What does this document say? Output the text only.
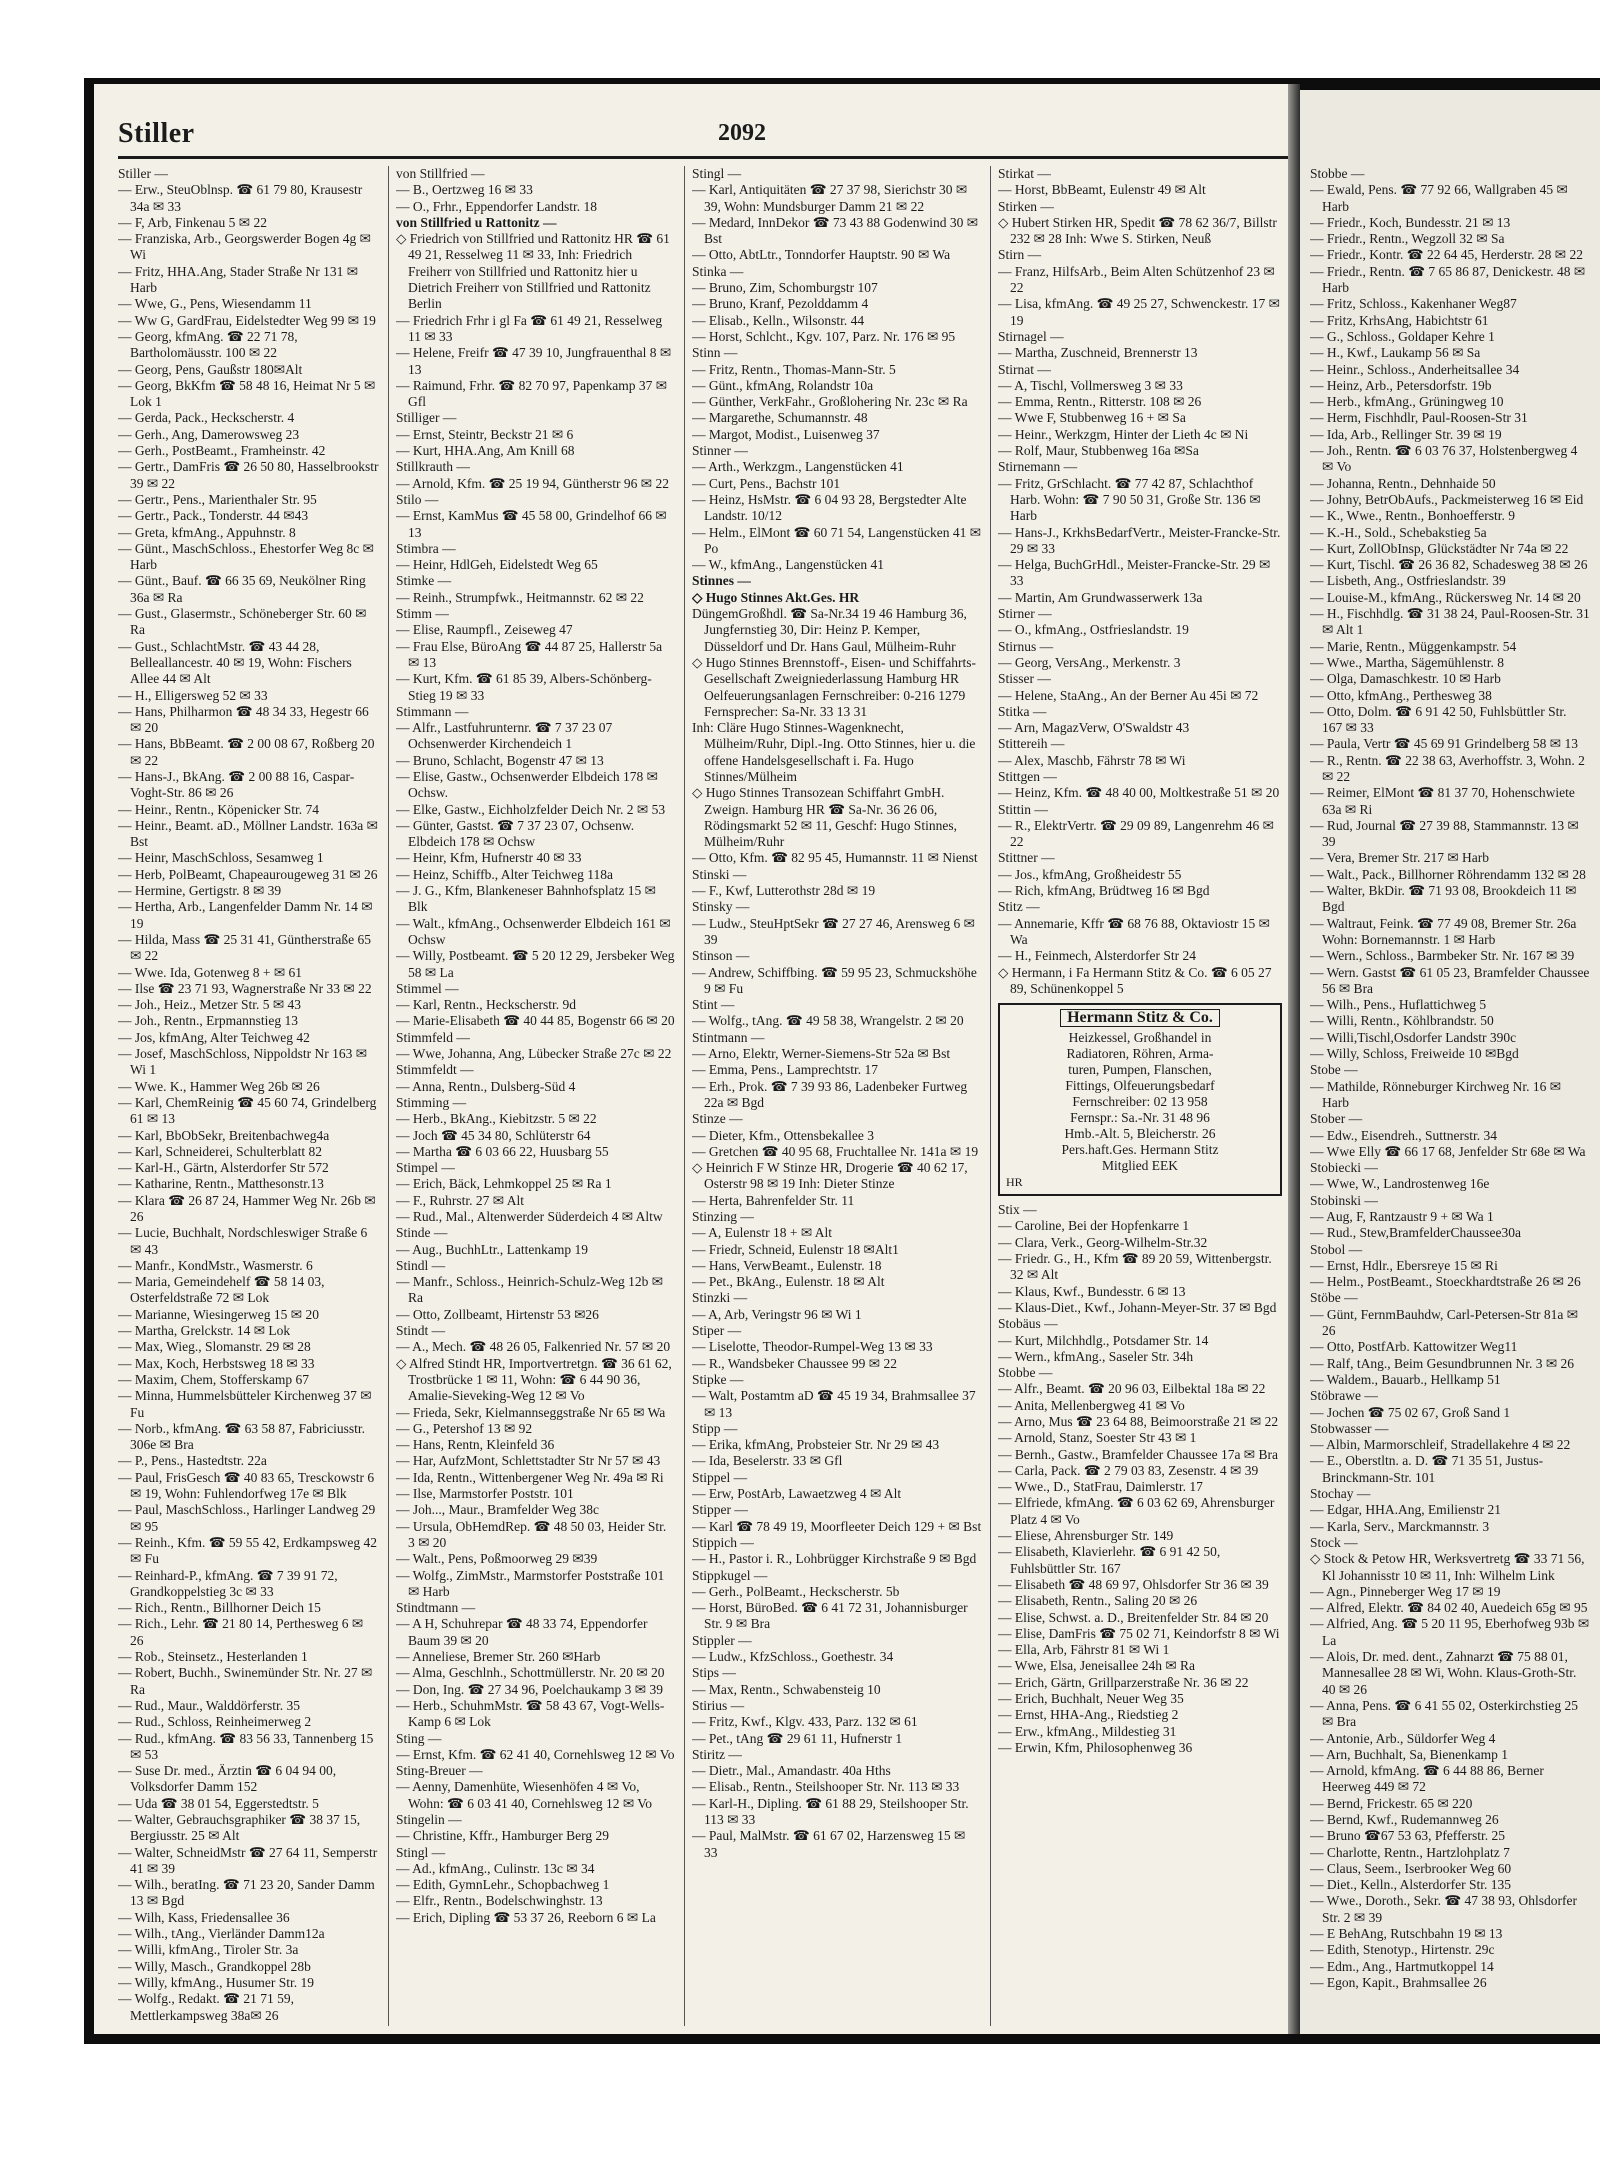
Stiller	2092

Stiller —

— Erw., SteuOblnsp. ☎ 61 79 80, Krausestr 34a ✉ 33

— F, Arb, Finkenau 5 ✉ 22

— Franziska, Arb., Georgswerder Bogen 4g ✉ Wi

— Fritz, HHA.Ang, Stader Straße Nr 131 ✉ Harb

— Wwe, G., Pens, Wiesendamm 11

— Ww G, GardFrau, Eidelstedter Weg 99 ✉ 19

— Georg, kfmAng. ☎ 22 71 78, Bartholomäusstr. 100 ✉ 22

— Georg, Pens, Gaußstr 180✉Alt

— Georg, BkKfm ☎ 58 48 16, Heimat Nr 5 ✉ Lok 1

— Gerda, Pack., Heckscherstr. 4

— Gerh., Ang, Damerowsweg 23

— Gerh., PostBeamt., Framheinstr. 42

— Gertr., DamFris ☎ 26 50 80, Hasselbrookstr 39 ✉ 22

— Gertr., Pens., Marienthaler Str. 95

— Gertr., Pack., Tonderstr. 44 ✉43

— Greta, kfmAng., Appuhnstr. 8

— Günt., MaschSchloss., Ehestorfer Weg 8c ✉ Harb

— Günt., Bauf. ☎ 66 35 69, Neukölner Ring 36a ✉ Ra

— Gust., Glasermstr., Schöneberger Str. 60 ✉ Ra

— Gust., SchlachtMstr. ☎ 43 44 28, Belleallancestr. 40 ✉ 19, Wohn: Fischers Allee 44 ✉ Alt

— H., Elligersweg 52 ✉ 33

— Hans, Philharmon ☎ 48 34 33, Hegestr 66 ✉ 20

— Hans, BbBeamt. ☎ 2 00 08 67, Roßberg 20 ✉ 22

— Hans-J., BkAng. ☎ 2 00 88 16, Caspar-Voght-Str. 86 ✉ 26

— Heinr., Rentn., Köpenicker Str. 74

— Heinr., Beamt. aD., Möllner Landstr. 163a ✉ Bst

— Heinr, MaschSchloss, Sesamweg 1

— Herb, PolBeamt, Chapeaurougeweg 31 ✉ 26

— Hermine, Gertigstr. 8 ✉ 39

— Hertha, Arb., Langenfelder Damm Nr. 14 ✉ 19

— Hilda, Mass ☎ 25 31 41, Güntherstraße 65 ✉ 22

— Wwe. Ida, Gotenweg 8 + ✉ 61

— Ilse ☎ 23 71 93, Wagnerstraße Nr 33 ✉ 22

— Joh., Heiz., Metzer Str. 5 ✉ 43

— Joh., Rentn., Erpmannstieg 13

— Jos, kfmAng, Alter Teichweg 42

— Josef, MaschSchloss, Nippoldstr Nr 163 ✉ Wi 1

— Wwe. K., Hammer Weg 26b ✉ 26

— Karl, ChemReinig ☎ 45 60 74, Grindelberg 61 ✉ 13

— Karl, BbObSekr, Breitenbachweg4a

— Karl, Schneiderei, Schulterblatt 82

— Karl-H., Gärtn, Alsterdorfer Str 572

— Katharine, Rentn., Matthesonstr.13

— Klara ☎ 26 87 24, Hammer Weg Nr. 26b ✉ 26

— Lucie, Buchhalt, Nordschleswiger Straße 6 ✉ 43

— Manfr., KondMstr., Wasmerstr. 6

— Maria, Gemeindehelf ☎ 58 14 03, Osterfeldstraße 72 ✉ Lok

— Marianne, Wiesingerweg 15 ✉ 20

— Martha, Grelckstr. 14 ✉ Lok

— Max, Wieg., Slomanstr. 29 ✉ 28

— Max, Koch, Herbstsweg 18 ✉ 33

— Maxim, Chem, Stofferskamp 67

— Minna, Hummelsbütteler Kirchenweg 37 ✉ Fu

— Norb., kfmAng. ☎ 63 58 87, Fabriciusstr. 306e ✉ Bra

— P., Pens., Hastedtstr. 22a

— Paul, FrisGesch ☎ 40 83 65, Tresckowstr 6 ✉ 19, Wohn: Fuhlendorfweg 17e ✉ Blk

— Paul, MaschSchloss., Harlinger Landweg 29 ✉ 95

— Reinh., Kfm. ☎ 59 55 42, Erdkampsweg 42 ✉ Fu

— Reinhard-P., kfmAng. ☎ 7 39 91 72, Grandkoppelstieg 3c ✉ 33

— Rich., Rentn., Billhorner Deich 15

— Rich., Lehr. ☎ 21 80 14, Perthesweg 6 ✉ 26

— Rob., Steinsetz., Hesterlanden 1

— Robert, Buchh., Swinemünder Str. Nr. 27 ✉ Ra

— Rud., Maur., Walddörferstr. 35

— Rud., Schloss, Reinheimerweg 2

— Rud., kfmAng. ☎ 83 56 33, Tannenberg 15 ✉ 53

— Suse Dr. med., Ärztin ☎ 6 04 94 00, Volksdorfer Damm 152

— Uda ☎ 38 01 54, Eggerstedtstr. 5

— Walter, Gebrauchsgraphiker ☎ 38 37 15, Bergiusstr. 25 ✉ Alt

— Walter, SchneidMstr ☎ 27 64 11, Semperstr 41 ✉ 39

— Wilh., beratIng. ☎ 71 23 20, Sander Damm 13 ✉ Bgd

— Wilh, Kass, Friedensallee 36

— Wilh., tAng., Vierländer Damm12a

— Willi, kfmAng., Tiroler Str. 3a

— Willy, Masch., Grandkoppel 28b

— Willy, kfmAng., Husumer Str. 19

— Wolfg., Redakt. ☎ 21 71 59, Mettlerkampsweg 38a✉ 26

von Stillfried —

— B., Oertzweg 16 ✉ 33

— O., Frhr., Eppendorfer Landstr. 18

von Stillfried u Rattonitz —

◇ Friedrich von Stillfried und Rattonitz HR ☎ 61 49 21, Resselweg 11 ✉ 33, Inh: Friedrich Freiherr von Stillfried und Rattonitz hier u Dietrich Freiherr von Stillfried und Rattonitz Berlin

— Friedrich Frhr i gl Fa ☎ 61 49 21, Resselweg 11 ✉ 33

— Helene, Freifr ☎ 47 39 10, Jungfrauenthal 8 ✉ 13

— Raimund, Frhr. ☎ 82 70 97, Papenkamp 37 ✉ Gfl

Stilliger —

— Ernst, Steintr, Beckstr 21 ✉ 6

— Kurt, HHA.Ang, Am Knill 68

Stillkrauth —

— Arnold, Kfm. ☎ 25 19 94, Güntherstr 96 ✉ 22

Stilo —

— Ernst, KamMus ☎ 45 58 00, Grindelhof 66 ✉ 13

Stimbra —

— Heinr, HdlGeh, Eidelstedt Weg 65

Stimke —

— Reinh., Strumpfwk., Heitmannstr. 62 ✉ 22

Stimm —

— Elise, Raumpfl., Zeiseweg 47

— Frau Else, BüroAng ☎ 44 87 25, Hallerstr 5a ✉ 13

— Kurt, Kfm. ☎ 61 85 39, Albers-Schönberg-Stieg 19 ✉ 33

Stimmann —

— Alfr., Lastfuhrunternr. ☎ 7 37 23 07 Ochsenwerder Kirchendeich 1

— Bruno, Schlacht, Bogenstr 47 ✉ 13

— Elise, Gastw., Ochsenwerder Elbdeich 178 ✉ Ochsw.

— Elke, Gastw., Eichholzfelder Deich Nr. 2 ✉ 53

— Günter, Gastst. ☎ 7 37 23 07, Ochsenw. Elbdeich 178 ✉ Ochsw

— Heinr, Kfm, Hufnerstr 40 ✉ 33

— Heinz, Schiffb., Alter Teichweg 118a

— J. G., Kfm, Blankeneser Bahnhofsplatz 15 ✉ Blk

— Walt., kfmAng., Ochsenwerder Elbdeich 161 ✉ Ochsw

— Willy, Postbeamt. ☎ 5 20 12 29, Jersbeker Weg 58 ✉ La

Stimmel —

— Karl, Rentn., Heckscherstr. 9d

— Marie-Elisabeth ☎ 40 44 85, Bogenstr 66 ✉ 20

Stimmfeld —

— Wwe, Johanna, Ang, Lübecker Straße 27c ✉ 22

Stimmfeldt —

— Anna, Rentn., Dulsberg-Süd 4

Stimming —

— Herb., BkAng., Kiebitzstr. 5 ✉ 22

— Joch ☎ 45 34 80, Schlüterstr 64

— Martha ☎ 6 03 66 22, Huusbarg 55

Stimpel —

— Erich, Bäck, Lehmkoppel 25 ✉ Ra 1

— F., Ruhrstr. 27 ✉ Alt

— Rud., Mal., Altenwerder Süderdeich 4 ✉ Altw

Stinde —

— Aug., BuchhLtr., Lattenkamp 19

Stindl —

— Manfr., Schloss., Heinrich-Schulz-Weg 12b ✉ Ra

— Otto, Zollbeamt, Hirtenstr 53 ✉26

Stindt —

— A., Mech. ☎ 48 26 05, Falkenried Nr. 57 ✉ 20

◇ Alfred Stindt HR, Importvertretgn. ☎ 36 61 62, Trostbrücke 1 ✉ 11, Wohn: ☎ 6 44 90 36, Amalie-Sieveking-Weg 12 ✉ Vo

— Frieda, Sekr, Kielmannseggstraße Nr 65 ✉ Wa

— G., Petershof 13 ✉ 92

— Hans, Rentn, Kleinfeld 36

— Har, AufzMont, Schlettstadter Str Nr 57 ✉ 43

— Ida, Rentn., Wittenbergener Weg Nr. 49a ✉ Ri

— Ilse, Marmstorfer Poststr. 101

— Joh..., Maur., Bramfelder Weg 38c

— Ursula, ObHemdRep. ☎ 48 50 03, Heider Str. 3 ✉ 20

— Walt., Pens, Poßmoorweg 29 ✉39

— Wolfg., ZimMstr., Marmstorfer Poststraße 101 ✉ Harb

Stindtmann —

— A H, Schuhrepar ☎ 48 33 74, Eppendorfer Baum 39 ✉ 20

— Anneliese, Bremer Str. 260 ✉Harb

— Alma, Geschlnh., Schottmüllerstr. Nr. 20 ✉ 20

— Don, Ing. ☎ 27 34 96, Poelchaukamp 3 ✉ 39

— Herb., SchuhmMstr. ☎ 58 43 67, Vogt-Wells-Kamp 6 ✉ Lok

Sting —

— Ernst, Kfm. ☎ 62 41 40, Cornehlsweg 12 ✉ Vo

Sting-Breuer —

— Aenny, Damenhüte, Wiesenhöfen 4 ✉ Vo, Wohn: ☎ 6 03 41 40, Cornehlsweg 12 ✉ Vo

Stingelin —

— Christine, Kffr., Hamburger Berg 29

Stingl —

— Ad., kfmAng., Culinstr. 13c ✉ 34

— Edith, GymnLehr., Schopbachweg 1

— Elfr., Rentn., Bodelschwinghstr. 13

— Erich, Dipling ☎ 53 37 26, Reeborn 6 ✉ La

Stingl —

— Karl, Antiquitäten ☎ 27 37 98, Sierichstr 30 ✉ 39, Wohn: Mundsburger Damm 21 ✉ 22

— Medard, InnDekor ☎ 73 43 88 Godenwind 30 ✉ Bst

— Otto, AbtLtr., Tonndorfer Hauptstr. 90 ✉ Wa

Stinka —

— Bruno, Zim, Schomburgstr 107

— Bruno, Kranf, Pezolddamm 4

— Elisab., Kelln., Wilsonstr. 44

— Horst, Schlcht., Kgv. 107, Parz. Nr. 176 ✉ 95

Stinn —

— Fritz, Rentn., Thomas-Mann-Str. 5

— Günt., kfmAng, Rolandstr 10a

— Günther, VerkFahr., Großlohering Nr. 23c ✉ Ra

— Margarethe, Schumannstr. 48

— Margot, Modist., Luisenweg 37

Stinner —

— Arth., Werkzgm., Langenstücken 41

— Curt, Pens., Bachstr 101

— Heinz, HsMstr. ☎ 6 04 93 28, Bergstedter Alte Landstr. 10/12

— Helm., ElMont ☎ 60 71 54, Langenstücken 41 ✉ Po

— W., kfmAng., Langenstücken 41

Stinnes —

◇ Hugo Stinnes Akt.Ges. HR

DüngemGroßhdl. ☎ Sa-Nr.34 19 46 Hamburg 36, Jungfernstieg 30, Dir: Heinz P. Kemper, Düsseldorf und Dr. Hans Gaul, Mülheim-Ruhr

◇ Hugo Stinnes Brennstoff-, Eisen- und Schiffahrts-Gesellschaft Zweigniederlassung Hamburg HR Oelfeuerungsanlagen Fernschreiber: 0-216 1279 Fernsprecher: Sa-Nr. 33 13 31

Inh: Cläre Hugo Stinnes-Wagenknecht, Mülheim/Ruhr, Dipl.-Ing. Otto Stinnes, hier u. die offene Handelsgesellschaft i. Fa. Hugo Stinnes/Mülheim

◇ Hugo Stinnes Transozean Schiffahrt GmbH. Zweign. Hamburg HR ☎ Sa-Nr. 36 26 06, Rödingsmarkt 52 ✉ 11, Geschf: Hugo Stinnes, Mülheim/Ruhr

— Otto, Kfm. ☎ 82 95 45, Humannstr. 11 ✉ Nienst

Stinski —

— F., Kwf, Lutterothstr 28d ✉ 19

Stinsky —

— Ludw., SteuHptSekr ☎ 27 27 46, Arensweg 6 ✉ 39

Stinson —

— Andrew, Schiffbing. ☎ 59 95 23, Schmuckshöhe 9 ✉ Fu

Stint —

— Wolfg., tAng. ☎ 49 58 38, Wrangelstr. 2 ✉ 20

Stintmann —

— Arno, Elektr, Werner-Siemens-Str 52a ✉ Bst

— Emma, Pens., Lamprechtstr. 17

— Erh., Prok. ☎ 7 39 93 86, Ladenbeker Furtweg 22a ✉ Bgd

Stinze —

— Dieter, Kfm., Ottensbekallee 3

— Gretchen ☎ 40 95 68, Fruchtallee Nr. 141a ✉ 19

◇ Heinrich F W Stinze HR, Drogerie ☎ 40 62 17, Osterstr 98 ✉ 19 Inh: Dieter Stinze

— Herta, Bahrenfelder Str. 11

Stinzing —

— A, Eulenstr 18 + ✉ Alt

— Friedr, Schneid, Eulenstr 18 ✉Alt1

— Hans, VerwBeamt., Eulenstr. 18

— Pet., BkAng., Eulenstr. 18 ✉ Alt

Stinzki —

— A, Arb, Veringstr 96 ✉ Wi 1

Stiper —

— Liselotte, Theodor-Rumpel-Weg 13 ✉ 33

— R., Wandsbeker Chaussee 99 ✉ 22

Stipke —

— Walt, Postamtm aD ☎ 45 19 34, Brahmsallee 37 ✉ 13

Stipp —

— Erika, kfmAng, Probsteier Str. Nr 29 ✉ 43

— Ida, Beselerstr. 33 ✉ Gfl

Stippel —

— Erw, PostArb, Lawaetzweg 4 ✉ Alt

Stipper —

— Karl ☎ 78 49 19, Moorfleeter Deich 129 + ✉ Bst

Stippich —

— H., Pastor i. R., Lohbrügger Kirchstraße 9 ✉ Bgd

Stippkugel —

— Gerh., PolBeamt., Heckscherstr. 5b

— Horst, BüroBed. ☎ 6 41 72 31, Johannisburger Str. 9 ✉ Bra

Stippler —

— Ludw., KfzSchloss., Goethestr. 34

Stips —

— Max, Rentn., Schwabensteig 10

Stirius —

— Fritz, Kwf., Klgv. 433, Parz. 132 ✉ 61

— Pet., tAng ☎ 29 61 11, Hufnerstr 1

Stiritz —

— Dietr., Mal., Amandastr. 40a Hths

— Elisab., Rentn., Steilshooper Str. Nr. 113 ✉ 33

— Karl-H., Dipling. ☎ 61 88 29, Steilshooper Str. 113 ✉ 33

— Paul, MalMstr. ☎ 61 67 02, Harzensweg 15 ✉ 33

Stirkat —

— Horst, BbBeamt, Eulenstr 49 ✉ Alt

Stirken —

◇ Hubert Stirken HR, Spedit ☎ 78 62 36/7, Billstr 232 ✉ 28 Inh: Wwe S. Stirken, Neuß

Stirn —

— Franz, HilfsArb., Beim Alten Schützenhof 23 ✉ 22

— Lisa, kfmAng. ☎ 49 25 27, Schwenckestr. 17 ✉ 19

Stirnagel —

— Martha, Zuschneid, Brennerstr 13

Stirnat —

— A, Tischl, Vollmersweg 3 ✉ 33

— Emma, Rentn., Ritterstr. 108 ✉ 26

— Wwe F, Stubbenweg 16 + ✉ Sa

— Heinr., Werkzgm, Hinter der Lieth 4c ✉ Ni

— Rolf, Maur, Stubbenweg 16a ✉Sa

Stirnemann —

— Fritz, GrSchlacht. ☎ 77 42 87, Schlachthof Harb. Wohn: ☎ 7 90 50 31, Große Str. 136 ✉ Harb

— Hans-J., KrkhsBedarfVertr., Meister-Francke-Str. 29 ✉ 33

— Helga, BuchGrHdl., Meister-Francke-Str. 29 ✉ 33

— Martin, Am Grundwasserwerk 13a

Stirner —

— O., kfmAng., Ostfrieslandstr. 19

Stirnus —

— Georg, VersAng., Merkenstr. 3

Stisser —

— Helene, StaAng., An der Berner Au 45i ✉ 72

Stitka —

— Arn, MagazVerw, O'Swaldstr 43

Stittereih —

— Alex, Maschb, Fährstr 78 ✉ Wi

Stittgen —

— Heinz, Kfm. ☎ 48 40 00, Moltkestraße 51 ✉ 20

Stittin —

— R., ElektrVertr. ☎ 29 09 89, Langenrehm 46 ✉ 22

Stittner —

— Jos., kfmAng, Großheidestr 55

— Rich, kfmAng, Brüdtweg 16 ✉ Bgd

Stitz —

— Annemarie, Kffr ☎ 68 76 88, Oktaviostr 15 ✉ Wa

— H., Feinmech, Alsterdorfer Str 24

◇ Hermann, i Fa Hermann Stitz & Co. ☎ 6 05 27 89, Schünenkoppel 5

Hermann Stitz & Co.
Heizkessel, Großhandel in
Radiatoren, Röhren, Arma-
turen, Pumpen, Flanschen,
Fittings, Olfeuerungsbedarf
Fernschreiber: 02 13 958
Fernspr.: Sa.-Nr. 31 48 96
Hmb.-Alt. 5, Bleicherstr. 26
Pers.haft.Ges. Hermann Stitz
Mitglied EEK
HR

Stix —

— Caroline, Bei der Hopfenkarre 1

— Clara, Verk., Georg-Wilhelm-Str.32

— Friedr. G., H., Kfm ☎ 89 20 59, Wittenbergstr. 32 ✉ Alt

— Klaus, Kwf., Bundesstr. 6 ✉ 13

— Klaus-Diet., Kwf., Johann-Meyer-Str. 37 ✉ Bgd

Stobäus —

— Kurt, Milchhdlg., Potsdamer Str. 14

— Wern., kfmAng., Saseler Str. 34h

Stobbe —

— Alfr., Beamt. ☎ 20 96 03, Eilbektal 18a ✉ 22

— Anita, Mellenbergweg 41 ✉ Vo

— Arno, Mus ☎ 23 64 88, Beimoorstraße 21 ✉ 22

— Arnold, Stanz, Soester Str 43 ✉ 1

— Bernh., Gastw., Bramfelder Chaussee 17a ✉ Bra

— Carla, Pack. ☎ 2 79 03 83, Zesenstr. 4 ✉ 39

— Wwe., D., StatFrau, Daimlerstr. 17

— Elfriede, kfmAng. ☎ 6 03 62 69, Ahrensburger Platz 4 ✉ Vo

— Eliese, Ahrensburger Str. 149

— Elisabeth, Klavierlehr. ☎ 6 91 42 50, Fuhlsbüttler Str. 167

— Elisabeth ☎ 48 69 97, Ohlsdorfer Str 36 ✉ 39

— Elisabeth, Rentn., Saling 20 ✉ 26

— Elise, Schwst. a. D., Breitenfelder Str. 84 ✉ 20

— Elise, DamFris ☎ 75 02 71, Keindorfstr 8 ✉ Wi

— Ella, Arb, Fährstr 81 ✉ Wi 1

— Wwe, Elsa, Jeneisallee 24h ✉ Ra

— Erich, Gärtn, Grillparzerstraße Nr. 36 ✉ 22

— Erich, Buchhalt, Neuer Weg 35

— Ernst, HHA-Ang., Riedstieg 2

— Erw., kfmAng., Mildestieg 31

— Erwin, Kfm, Philosophenweg 36

Stobbe —

— Ewald, Pens. ☎ 77 92 66, Wallgraben 45 ✉ Harb

— Friedr., Koch, Bundesstr. 21 ✉ 13

— Friedr., Rentn., Wegzoll 32 ✉ Sa

— Friedr., Kontr. ☎ 22 64 45, Herderstr. 28 ✉ 22

— Friedr., Rentn. ☎ 7 65 86 87, Denickestr. 48 ✉ Harb

— Fritz, Schloss., Kakenhaner Weg87

— Fritz, KrhsAng, Habichtstr 61

— G., Schloss., Goldaper Kehre 1

— H., Kwf., Laukamp 56 ✉ Sa

— Heinr., Schloss., Anderheitsallee 34

— Heinz, Arb., Petersdorfstr. 19b

— Herb., kfmAng., Grüningweg 10

— Herm, Fischhdlr, Paul-Roosen-Str 31

— Ida, Arb., Rellinger Str. 39 ✉ 19

— Joh., Rentn. ☎ 6 03 76 37, Holstenbergweg 4 ✉ Vo

— Johanna, Rentn., Dehnhaide 50

— Johny, BetrObAufs., Packmeisterweg 16 ✉ Eid

— K., Wwe., Rentn., Bonhoefferstr. 9

— K.-H., Sold., Schebakstieg 5a

— Kurt, ZollObInsp, Glückstädter Nr 74a ✉ 22

— Kurt, Tischl. ☎ 26 36 82, Schadesweg 38 ✉ 26

— Lisbeth, Ang., Ostfrieslandstr. 39

— Louise-M., kfmAng., Rückersweg Nr. 14 ✉ 20

— H., Fischhdlg. ☎ 31 38 24, Paul-Roosen-Str. 31 ✉ Alt 1

— Marie, Rentn., Müggenkampstr. 54

— Wwe., Martha, Sägemühlenstr. 8

— Olga, Damaschkestr. 10 ✉ Harb

— Otto, kfmAng., Perthesweg 38

— Otto, Dolm. ☎ 6 91 42 50, Fuhlsbüttler Str. 167 ✉ 33

— Paula, Vertr ☎ 45 69 91 Grindelberg 58 ✉ 13

— R., Rentn. ☎ 22 38 63, Averhoffstr. 3, Wohn. 2 ✉ 22

— Reimer, ElMont ☎ 81 37 70, Hohenschwiete 63a ✉ Ri

— Rud, Journal ☎ 27 39 88, Stammannstr. 13 ✉ 39

— Vera, Bremer Str. 217 ✉ Harb

— Walt., Pack., Billhorner Röhrendamm 132 ✉ 28

— Walter, BkDir. ☎ 71 93 08, Brookdeich 11 ✉ Bgd

— Waltraut, Feink. ☎ 77 49 08, Bremer Str. 26a Wohn: Bornemannstr. 1 ✉ Harb

— Wern., Schloss., Barmbeker Str. Nr. 167 ✉ 39

— Wern. Gastst ☎ 61 05 23, Bramfelder Chaussee 56 ✉ Bra

— Wilh., Pens., Huflattichweg 5

— Willi, Rentn., Köhlbrandstr. 50

— Willi,Tischl,Osdorfer Landstr 390c

— Willy, Schloss, Freiweide 10 ✉Bgd

Stobe —

— Mathilde, Rönneburger Kirchweg Nr. 16 ✉ Harb

Stober —

— Edw., Eisendreh., Suttnerstr. 34

— Wwe Elly ☎ 66 17 68, Jenfelder Str 68e ✉ Wa

Stobiecki —

— Wwe, W., Landrostenweg 16e

Stobinski —

— Aug, F, Rantzaustr 9 + ✉ Wa 1

— Rud., Stew,BramfelderChaussee30a

Stobol —

— Ernst, Hdlr., Ebersreye 15 ✉ Ri

— Helm., PostBeamt., Stoeckhardtstraße 26 ✉ 26

Stöbe —

— Günt, FernmBauhdw, Carl-Petersen-Str 81a ✉ 26

— Otto, PostfArb. Kattowitzer Weg11

— Ralf, tAng., Beim Gesundbrunnen Nr. 3 ✉ 26

— Waldem., Bauarb., Hellkamp 51

Stöbrawe —

— Jochen ☎ 75 02 67, Groß Sand 1

Stobwasser —

— Albin, Marmorschleif, Stradellakehre 4 ✉ 22

— E., Oberstltn. a. D. ☎ 71 35 51, Justus-Brinckmann-Str. 101

Stochay —

— Edgar, HHA.Ang, Emilienstr 21

— Karla, Serv., Marckmannstr. 3

Stock —

◇ Stock & Petow HR, Werksvertretg ☎ 33 71 56, Kl Johannisstr 10 ✉ 11, Inh: Wilhelm Link

— Agn., Pinneberger Weg 17 ✉ 19

— Alfred, Elektr. ☎ 84 02 40, Auedeich 65g ✉ 95

— Alfried, Ang. ☎ 5 20 11 95, Eberhofweg 93b ✉ La

— Alois, Dr. med. dent., Zahnarzt ☎ 75 88 01, Mannesallee 28 ✉ Wi, Wohn. Klaus-Groth-Str. 40 ✉ 26

— Anna, Pens. ☎ 6 41 55 02, Osterkirchstieg 25 ✉ Bra

— Antonie, Arb., Süldorfer Weg 4

— Arn, Buchhalt, Sa, Bienenkamp 1

— Arnold, kfmAng. ☎ 6 44 88 86, Berner Heerweg 449 ✉ 72

— Bernd, Frickestr. 65 ✉ 220

— Bernd, Kwf., Rudemannweg 26

— Bruno ☎67 53 63, Pfefferstr. 25

— Charlotte, Rentn., Hartzlohplatz 7

— Claus, Seem., Iserbrooker Weg 60

— Diet., Kelln., Alsterdorfer Str. 135

— Wwe., Doroth., Sekr. ☎ 47 38 93, Ohlsdorfer Str. 2 ✉ 39

— E BehAng, Rutschbahn 19 ✉ 13

— Edith, Stenotyp., Hirtenstr. 29c

— Edm., Ang., Hartmutkoppel 14

— Egon, Kapit., Brahmsallee 26
